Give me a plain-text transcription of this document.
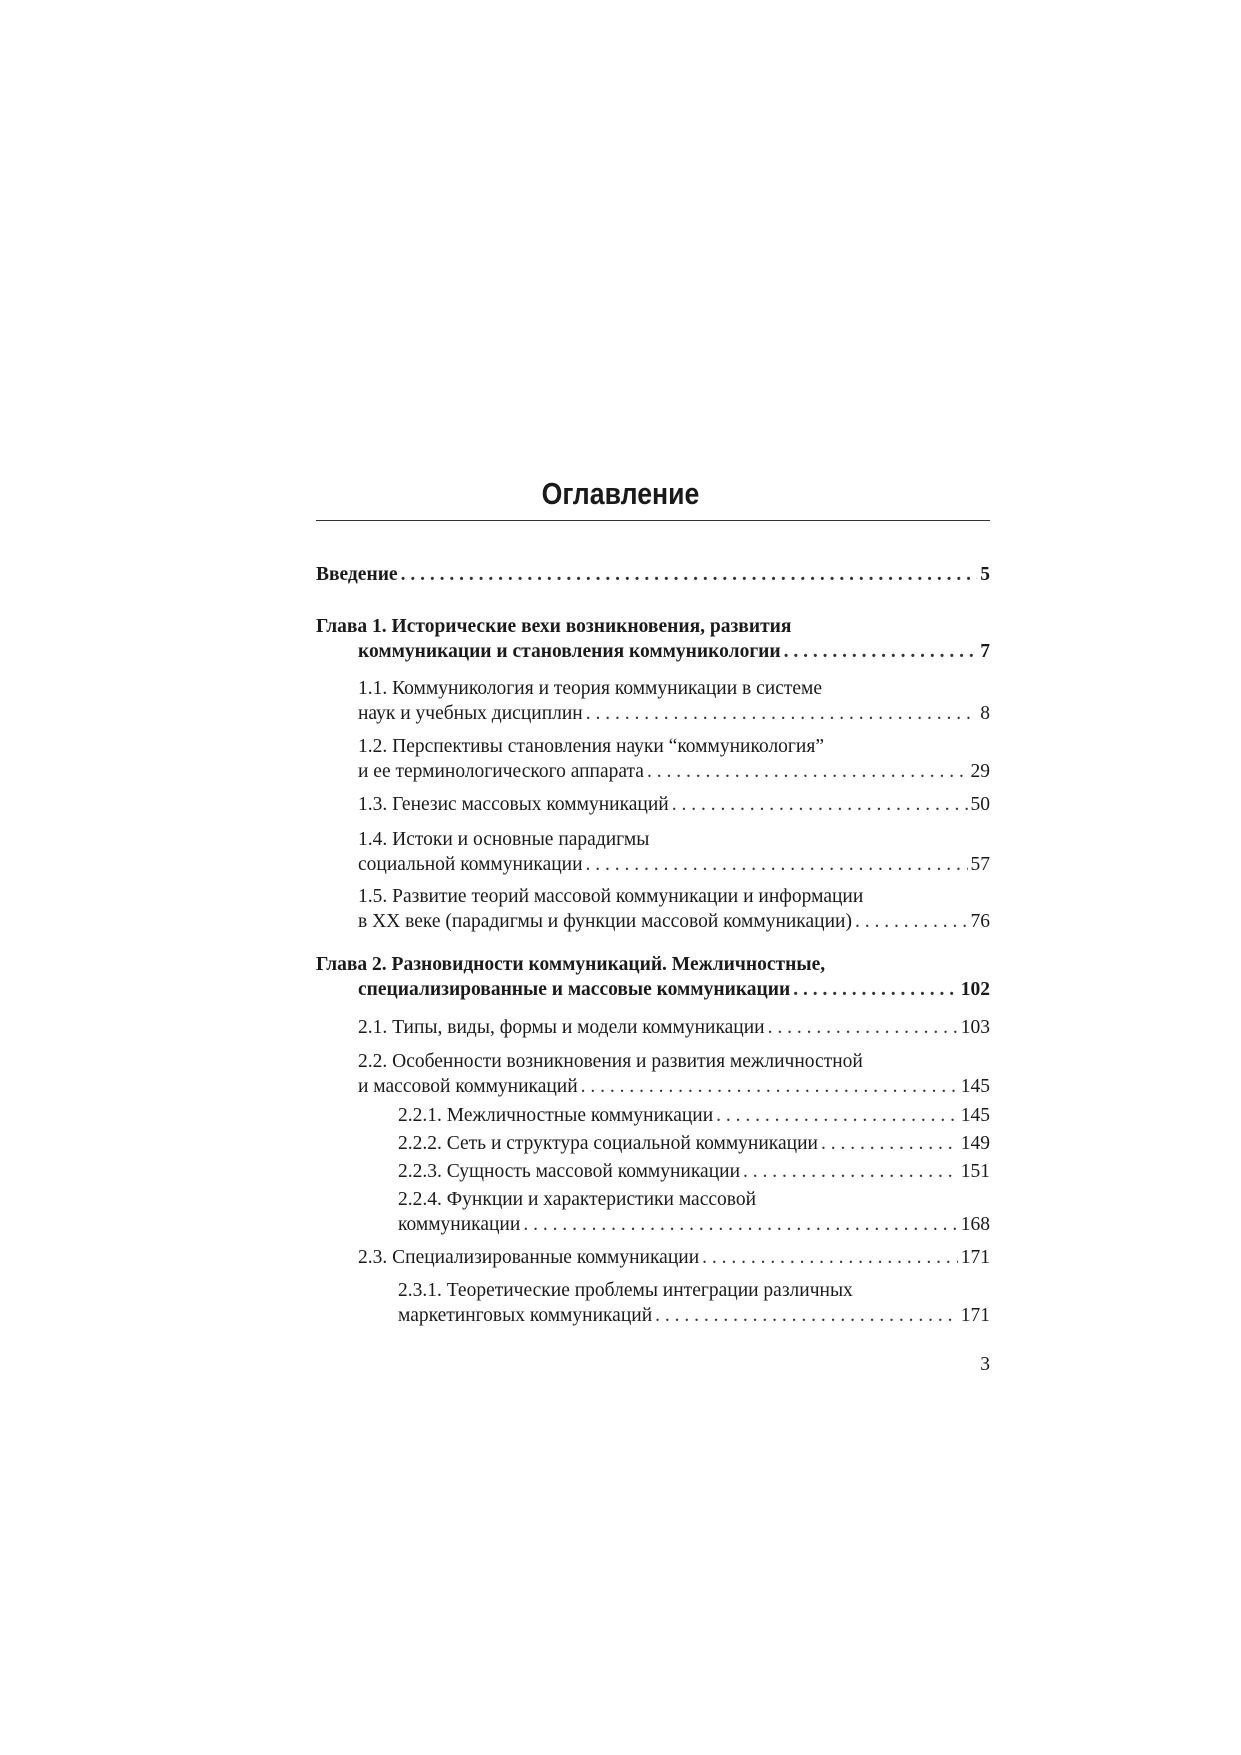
Оглавление
Введение . . .	5
Глава 1. Исторические вехи возникновения, развития
коммуникации и становления коммуникологии . . .	7
1.1. Коммуникология и теория коммуникации в системе
наук и учебных дисциплин . . .	8
1.2. Перспективы становления науки “коммуникология”
и ее терминологического аппарата . . .	29
1.3. Генезис массовых коммуникаций . . .	50
1.4. Истоки и основные парадигмы
социальной коммуникации . . .	57
1.5. Развитие теорий массовой коммуникации и информации
в XX веке (парадигмы и функции массовой коммуникации) . . .	76
Глава 2. Разновидности коммуникаций. Межличностные,
специализированные и массовые коммуникации . . .	102
2.1. Типы, виды, формы и модели коммуникации . . .	103
2.2. Особенности возникновения и развития межличностной
и массовой коммуникаций . . .	145
2.2.1. Межличностные коммуникации . . .	145
2.2.2. Сеть и структура социальной коммуникации . . .	149
2.2.3. Сущность массовой коммуникации . . .	151
2.2.4. Функции и характеристики массовой
коммуникации . . .	168
2.3. Специализированные коммуникации . . .	171
2.3.1. Теоретические проблемы интеграции различных
маркетинговых коммуникаций . . .	171
3
